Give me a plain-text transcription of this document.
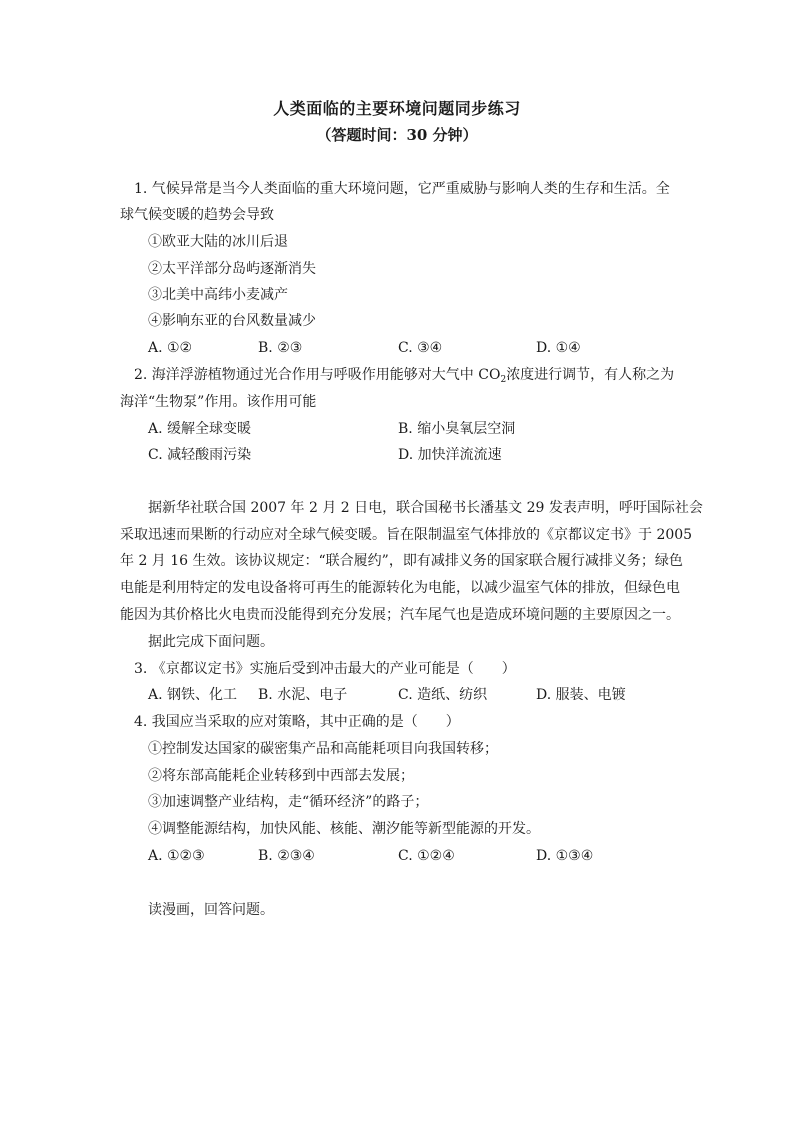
人类面临的主要环境问题同步练习
（答题时间：30 分钟）
1. 气候异常是当今人类面临的重大环境问题，它严重威胁与影响人类的生存和生活。全
球气候变暖的趋势会导致
①欧亚大陆的冰川后退
②太平洋部分岛屿逐渐消失
③北美中高纬小麦减产
④影响东亚的台风数量减少
A. ①②	B. ②③	C. ③④	D. ①④
2. 海洋浮游植物通过光合作用与呼吸作用能够对大气中 $CO_2$浓度进行调节，有人称之为
海洋“生物泵”作用。该作用可能
A. 缓解全球变暖	B. 缩小臭氧层空洞
C. 减轻酸雨污染	D. 加快洋流流速
据新华社联合国 2007 年 2 月 2 日电，联合国秘书长潘基文 29 发表声明，呼吁国际社会
采取迅速而果断的行动应对全球气候变暖。旨在限制温室气体排放的《京都议定书》于 2005
年 2 月 16 生效。该协议规定：“联合履约”，即有减排义务的国家联合履行减排义务；绿色
电能是利用特定的发电设备将可再生的能源转化为电能，以减少温室气体的排放，但绿色电
能因为其价格比火电贵而没能得到充分发展；汽车尾气也是造成环境问题的主要原因之一。
据此完成下面问题。
3. 《京都议定书》实施后受到冲击最大的产业可能是（　　）
A. 钢铁、化工 B. 水泥、电子	C. 造纸、纺织	D. 服装、电镀
4. 我国应当采取的应对策略，其中正确的是（　　）
①控制发达国家的碳密集产品和高能耗项目向我国转移；
②将东部高能耗企业转移到中西部去发展；
③加速调整产业结构，走“循环经济”的路子；
④调整能源结构，加快风能、核能、潮汐能等新型能源的开发。
A. ①②③	B. ②③④	C. ①②④	D. ①③④
读漫画，回答问题。
